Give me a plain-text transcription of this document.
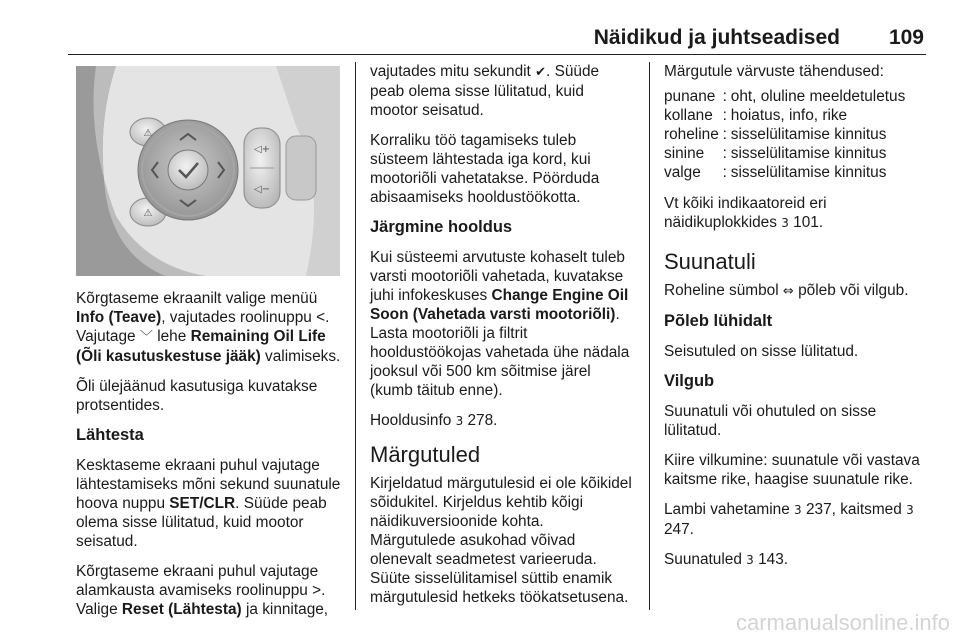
Näidikud ja juhtseadised 109
⚠
⚠
◁+
◁−

Kõrgtaseme ekraanilt valige menüü Info (Teave), vajutades roolinuppu <. Vajutage ﹀ lehe Remaining Oil Life (Õli kasutuskestuse jääk) valimiseks.

Õli ülejäänud kasutusiga kuvatakse protsentides.

Lähtesta

Kesktaseme ekraani puhul vajutage lähtestamiseks mõni sekund suunatule hoova nuppu SET/CLR. Süüde peab olema sisse lülitatud, kuid mootor seisatud.

Kõrgtaseme ekraani puhul vajutage alamkausta avamiseks roolinuppu >. Valige Reset (Lähtesta) ja kinnitage,

vajutades mitu sekundit ✔. Süüde peab olema sisse lülitatud, kuid mootor seisatud.

Korraliku töö tagamiseks tuleb süsteem lähtestada iga kord, kui mootoriõli vahetatakse. Pöörduda abisaamiseks hooldustöökotta.

Järgmine hooldus

Kui süsteemi arvutuste kohaselt tuleb varsti mootoriõli vahetada, kuvatakse juhi infokeskuses Change Engine Oil Soon (Vahetada varsti mootoriõli). Lasta mootoriõli ja filtrit hooldustöökojas vahetada ühe nädala jooksul või 500 km sõitmise järel (kumb täitub enne).

Hooldusinfo 3 278.

Märgutuled

Kirjeldatud märgutulesid ei ole kõikidel sõidukitel. Kirjeldus kehtib kõigi näidikuversioonide kohta. Märgutulede asukohad võivad olenevalt seadmetest varieeruda. Süüte sisselülitamisel süttib enamik märgutulesid hetkeks töökatsetusena.

Märgutule värvuste tähendused:

punane	:	oht, oluline meeldetuletus
kollane	:	hoiatus, info, rike
roheline	:	sisselülitamise kinnitus
sinine	:	sisselülitamise kinnitus
valge	:	sisselülitamise kinnitus

Vt kõiki indikaatoreid eri näidikuplokkides 3 101.

Suunatuli

Roheline sümbol ⇔ põleb või vilgub.

Põleb lühidalt

Seisutuled on sisse lülitatud.

Vilgub

Suunatuli või ohutuled on sisse lülitatud.

Kiire vilkumine: suunatule või vastava kaitsme rike, haagise suunatule rike.

Lambi vahetamine 3 237, kaitsmed 3 247.

Suunatuled 3 143.

carmanualsonline.info
